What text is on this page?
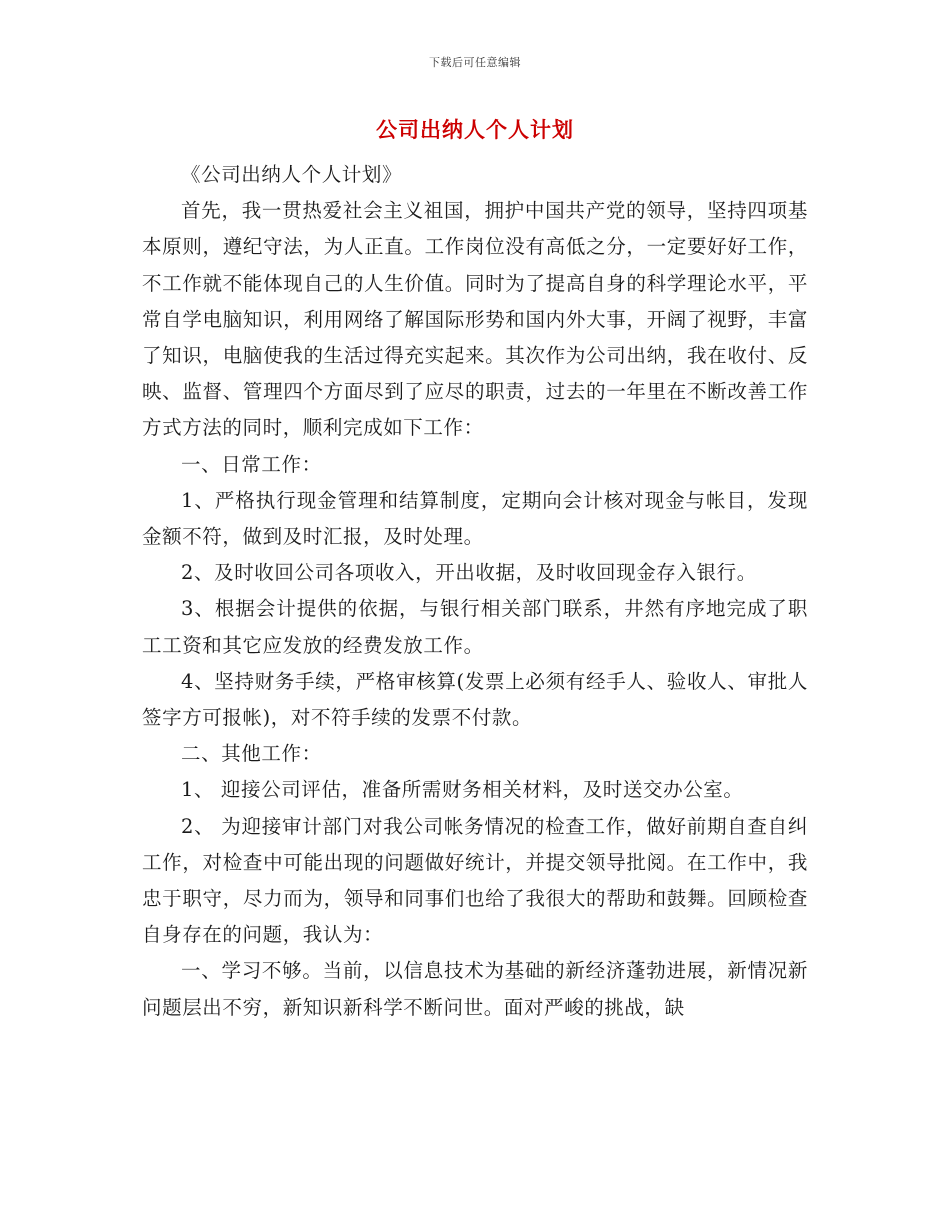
下载后可任意编辑
公司出纳人个人计划

《公司出纳人个人计划》

首先，我一贯热爱社会主义祖国，拥护中国共产党的领导，坚持四项基本原则，遵纪守法，为人正直。工作岗位没有高低之分，一定要好好工作，不工作就不能体现自己的人生价值。同时为了提高自身的科学理论水平，平常自学电脑知识，利用网络了解国际形势和国内外大事，开阔了视野，丰富了知识，电脑使我的生活过得充实起来。其次作为公司出纳，我在收付、反映、监督、管理四个方面尽到了应尽的职责，过去的一年里在不断改善工作方式方法的同时，顺利完成如下工作：

一、日常工作：

1、严格执行现金管理和结算制度，定期向会计核对现金与帐目，发现金额不符，做到及时汇报，及时处理。

2、及时收回公司各项收入，开出收据，及时收回现金存入银行。

3、根据会计提供的依据，与银行相关部门联系，井然有序地完成了职工工资和其它应发放的经费发放工作。

4、坚持财务手续，严格审核算(发票上必须有经手人、验收人、审批人签字方可报帐)，对不符手续的发票不付款。

二、其他工作：

1、 迎接公司评估，准备所需财务相关材料，及时送交办公室。

2、 为迎接审计部门对我公司帐务情况的检查工作，做好前期自查自纠工作，对检查中可能出现的问题做好统计，并提交领导批阅。在工作中，我忠于职守，尽力而为，领导和同事们也给了我很大的帮助和鼓舞。回顾检查自身存在的问题，我认为：

一、学习不够。当前，以信息技术为基础的新经济蓬勃进展，新情况新问题层出不穷，新知识新科学不断问世。面对严峻的挑战，缺
